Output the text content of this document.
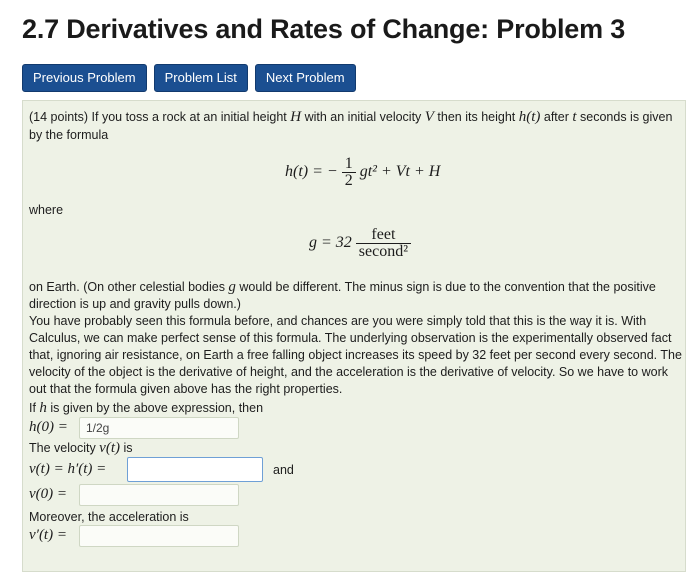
2.7 Derivatives and Rates of Change: Problem 3
Previous Problem	Problem List	Next Problem
(14 points) If you toss a rock at an initial height H with an initial velocity V then its height h(t) after t seconds is given
by the formula
h(t) = − $\frac{1}{2} gt^2 + Vt + H$
where
$g = 32 \frac{\text{feet}}{\text{second²}}$
on Earth. (On other celestial bodies g would be different. The minus sign is due to the convention that the positive
direction is up and gravity pulls down.)
You have probably seen this formula before, and chances are you were simply told that this is the way it is. With
Calculus, we can make perfect sense of this formula. The underlying observation is the experimentally observed fact
that, ignoring air resistance, on Earth a free falling object increases its speed by 32 feet per second every second. The
velocity of the object is the derivative of height, and the acceleration is the derivative of velocity. So we have to work
out that the formula given above has the right properties.
If h is given by the above expression, then
h(0) =	1/2g
The velocity v(t) is
v(t) = h′(t) =	and
v(0) =
Moreover, the acceleration is
v′(t) =
